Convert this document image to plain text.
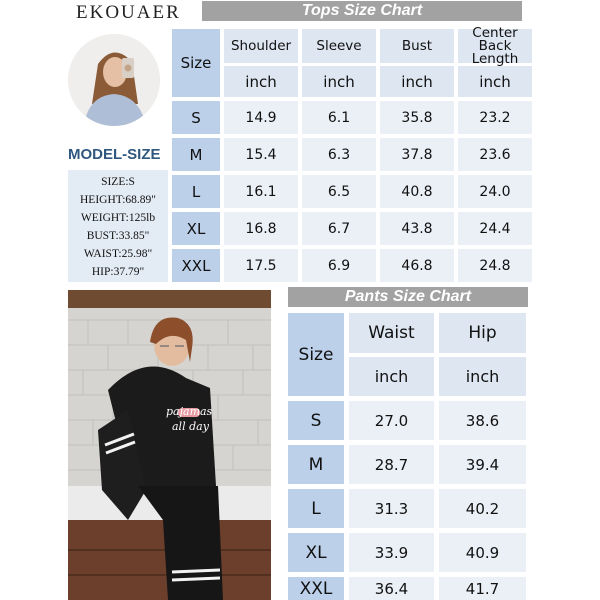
EKOUAER	Tops Size Chart
MODEL-SIZE
SIZE:S
HEIGHT:68.89"
WEIGHT:125lb
BUST:33.85"
WAIST:25.98"
HIP:37.79"
Size
Shoulder	Sleeve	Bust
Center Back Length
inch	inch	inch	inch
S	14.9	6.1	35.8	23.2
M	15.4	6.3	37.8	23.6
L	16.1	6.5	40.8	24.0
XL	16.8	6.7	43.8	24.4
XXL	17.5	6.9	46.8	24.8
pajamas
all day
Pants Size Chart
Size
Waist	Hip
inch	inch
S	27.0	38.6
M	28.7	39.4
L	31.3	40.2
XL	33.9	40.9
XXL	36.4	41.7
